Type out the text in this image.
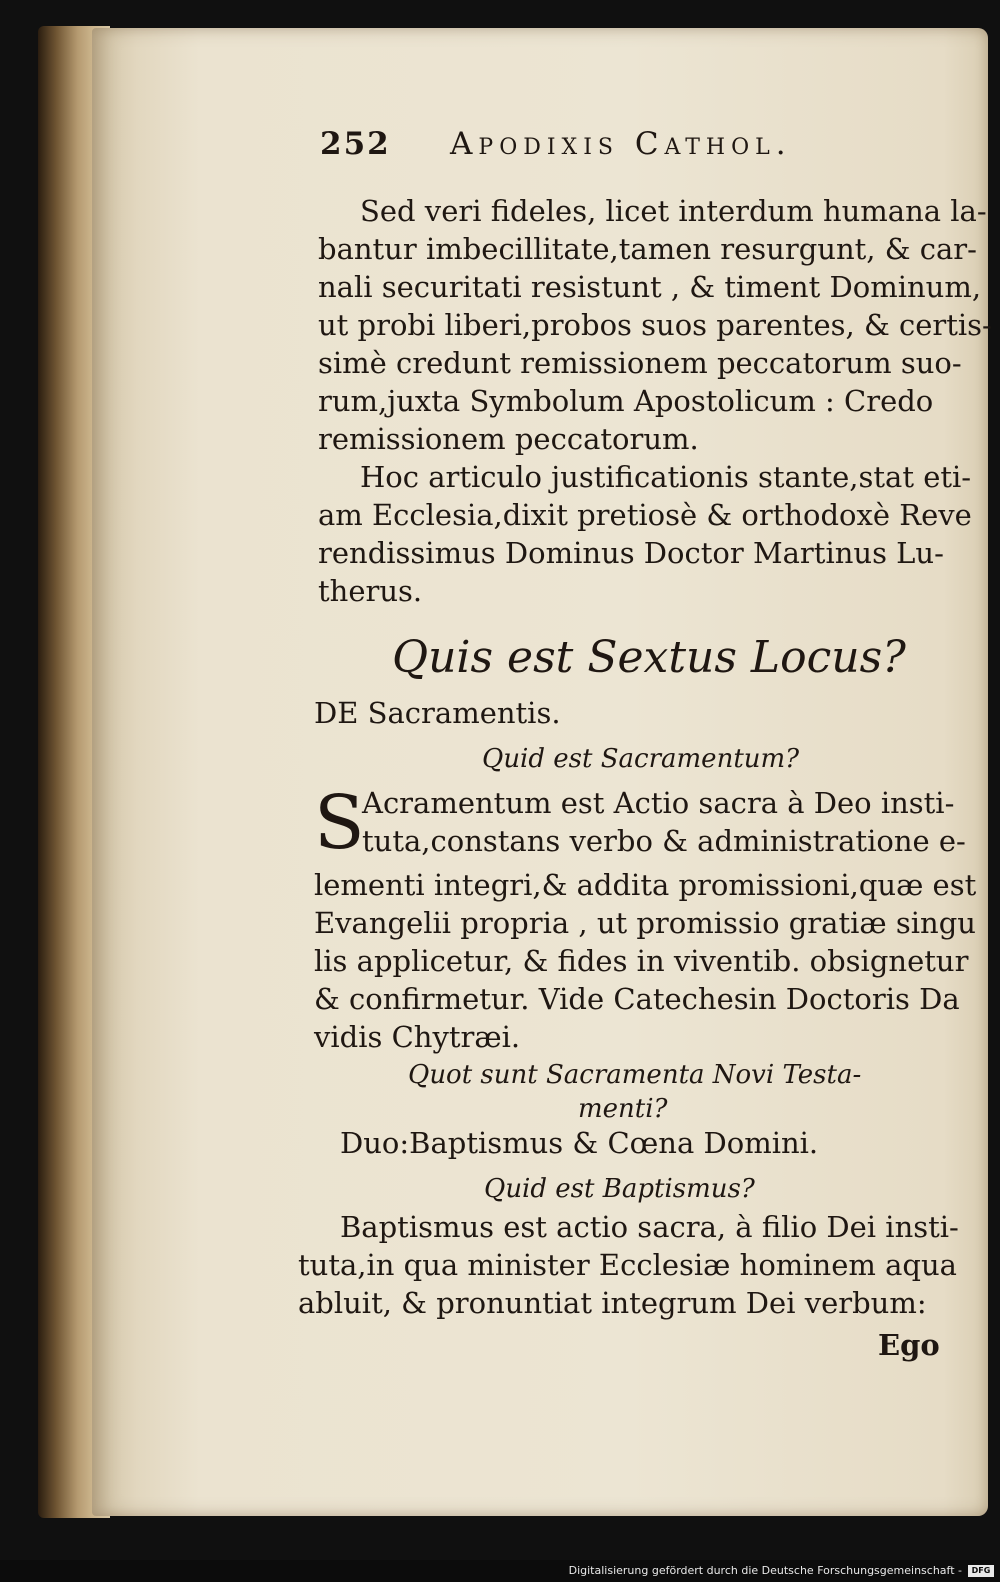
252 Apodixis Cathol.
Sed veri fideles, licet interdum humana la-
bantur imbecillitate,tamen resurgunt, & car-
nali securitati resistunt , & timent Dominum,
ut probi liberi,probos suos parentes, & certis-
simè credunt remissionem peccatorum suo-
rum,juxta Symbolum Apostolicum : Credo
remissionem peccatorum.
Hoc articulo justificationis stante,stat eti-
am Ecclesia,dixit pretiosè & orthodoxè Reve
rendissimus Dominus Doctor Martinus Lu-
therus.
Quis est Sextus Locus?
DE Sacramentis.
Quid est Sacramentum?
S
Acramentum est Actio sacra à Deo insti-
tuta,constans verbo & administratione e-
lementi integri,& addita promissioni,quæ est
Evangelii propria , ut promissio gratiæ singu
lis applicetur, & fides in viventib. obsignetur
& confirmetur. Vide Catechesin Doctoris Da
vidis Chytræi.
Quot sunt Sacramenta Novi Testa-
menti?
Duo:Baptismus & Cœna Domini.
Quid est Baptismus?
Baptismus est actio sacra, à filio Dei insti-
tuta,in qua minister Ecclesiæ hominem aqua
abluit, & pronuntiat integrum Dei verbum:
Ego
Digitalisierung gefördert durch die Deutsche Forschungsgemeinschaft -	DFG
